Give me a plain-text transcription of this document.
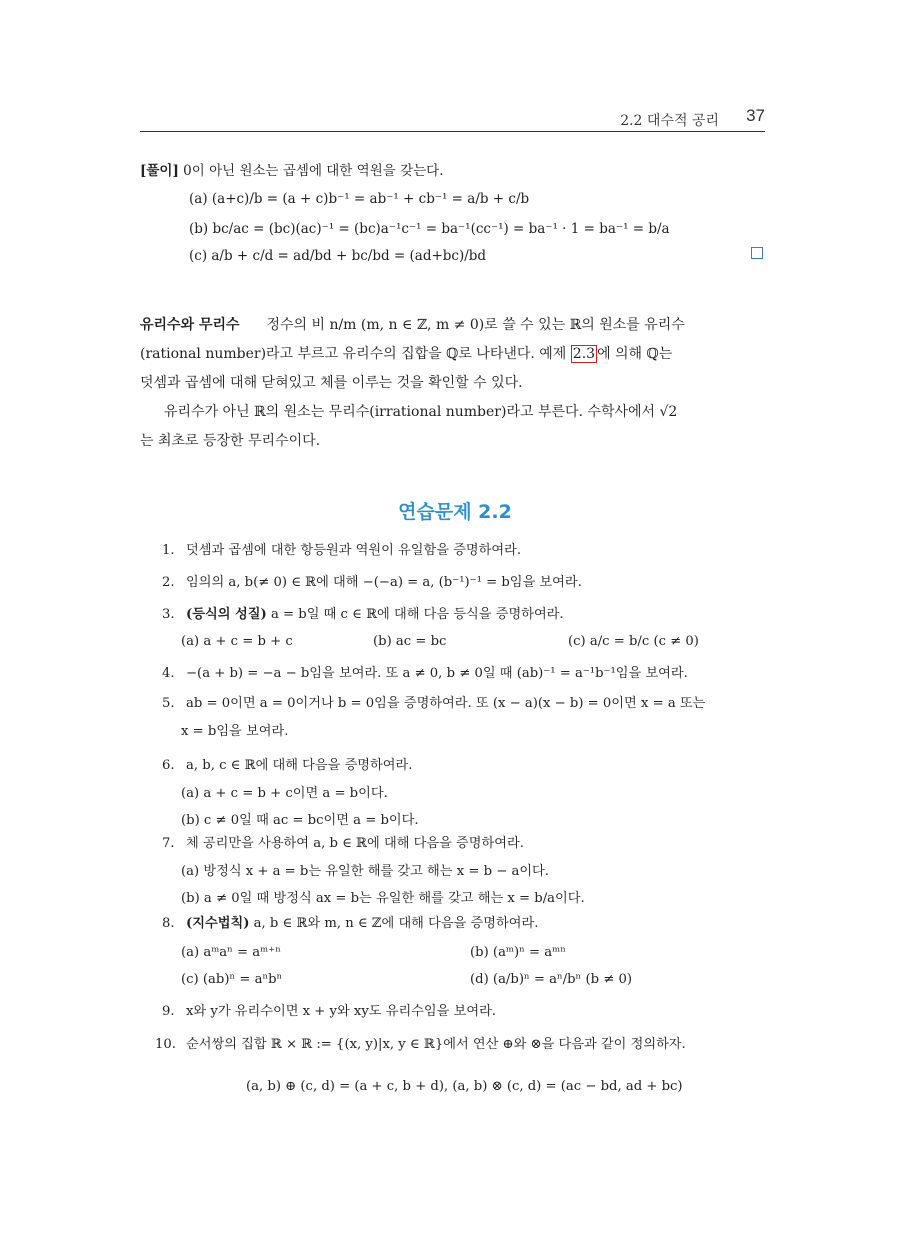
2.2 대수적 공리 37
[풀이] 0이 아닌 원소는 곱셈에 대한 역원을 갖는다.
(a) (a+c)/b = (a + c)b⁻¹ = ab⁻¹ + cb⁻¹ = a/b + c/b
(b) bc/ac = (bc)(ac)⁻¹ = (bc)a⁻¹c⁻¹ = ba⁻¹(cc⁻¹) = ba⁻¹ · 1 = ba⁻¹ = b/a
(c) a/b + c/d = ad/bd + bc/bd = (ad+bc)/bd
유리수와 무리수 정수의 비 n/m (m, n ∈ ℤ, m ≠ 0)로 쓸 수 있는 ℝ의 원소를 유리수
(rational number)라고 부르고 유리수의 집합을 ℚ로 나타낸다. 예제 2.3 에 의해 ℚ는
덧셈과 곱셈에 대해 닫혀있고 체를 이루는 것을 확인할 수 있다.
유리수가 아닌 ℝ의 원소는 무리수(irrational number)라고 부른다. 수학사에서 √2
는 최초로 등장한 무리수이다.
연습문제 2.2
1. 덧셈과 곱셈에 대한 항등원과 역원이 유일함을 증명하여라.
2. 임의의 a, b(≠ 0) ∈ ℝ에 대해 −(−a) = a, (b⁻¹)⁻¹ = b임을 보여라.
3. (등식의 성질) a = b일 때 c ∈ ℝ에 대해 다음 등식을 증명하여라.
(a) a + c = b + c	(b) ac = bc	(c) a/c = b/c (c ≠ 0)
4. −(a + b) = −a − b임을 보여라. 또 a ≠ 0, b ≠ 0일 때 (ab)⁻¹ = a⁻¹b⁻¹임을 보여라.
5. ab = 0이면 a = 0이거나 b = 0임을 증명하여라. 또 (x − a)(x − b) = 0이면 x = a 또는
x = b임을 보여라.
6. a, b, c ∈ ℝ에 대해 다음을 증명하여라.
(a) a + c = b + c이면 a = b이다.
(b) c ≠ 0일 때 ac = bc이면 a = b이다.
7. 체 공리만을 사용하여 a, b ∈ ℝ에 대해 다음을 증명하여라.
(a) 방정식 x + a = b는 유일한 해를 갖고 해는 x = b − a이다.
(b) a ≠ 0일 때 방정식 ax = b는 유일한 해를 갖고 해는 x = b/a이다.
8. (지수법칙) a, b ∈ ℝ와 m, n ∈ ℤ에 대해 다음을 증명하여라.
(a) aᵐaⁿ = aᵐ⁺ⁿ	(b) (aᵐ)ⁿ = aᵐⁿ
(c) (ab)ⁿ = aⁿbⁿ	(d) (a/b)ⁿ = aⁿ/bⁿ (b ≠ 0)
9. x와 y가 유리수이면 x + y와 xy도 유리수임을 보여라.
10. 순서쌍의 집합 ℝ × ℝ := {(x, y)|x, y ∈ ℝ}에서 연산 ⊕와 ⊗을 다음과 같이 정의하자.
(a, b) ⊕ (c, d) = (a + c, b + d), (a, b) ⊗ (c, d) = (ac − bd, ad + bc)
